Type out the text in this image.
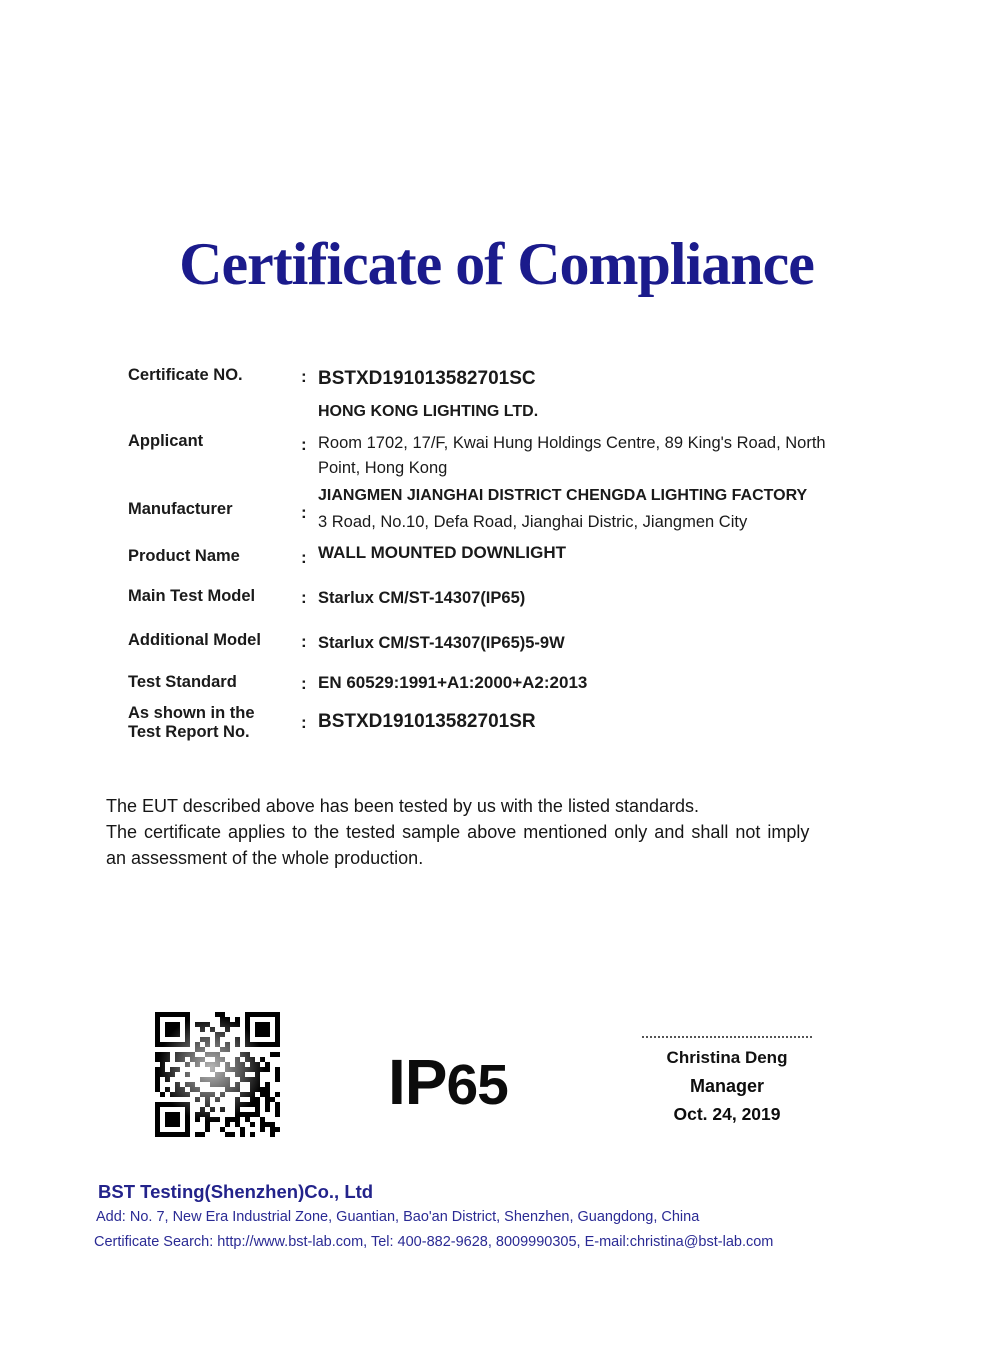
Certificate of Compliance
Certificate NO.	: BSTXD191013582701SC
Applicant	:
HONG KONG LIGHTING LTD.
Room 1702, 17/F, Kwai Hung Holdings Centre, 89 King's Road, North
Point, Hong Kong
Manufacturer	:
JIANGMEN JIANGHAI DISTRICT CHENGDA LIGHTING FACTORY
3 Road, No.10, Defa Road, Jianghai Distric, Jiangmen City
Product Name	: WALL MOUNTED DOWNLIGHT
Main Test Model	: Starlux CM/ST-14307(IP65)
Additional Model : Starlux CM/ST-14307(IP65)5-9W
Test Standard	: EN 60529:1991+A1:2000+A2:2013
As shown in the
Test Report No.	: BSTXD191013582701SR
The EUT described above has been tested by us with the listed standards.
The certificate applies to the tested sample above mentioned only and shall not imply
an assessment of the whole production.
IP 65	Christina Deng
Manager
Oct. 24, 2019
BST Testing(Shenzhen)Co., Ltd
Add: No. 7, New Era Industrial Zone, Guantian, Bao'an District, Shenzhen, Guangdong, China
Certificate Search: http://www.bst-lab.com, Tel: 400-882-9628, 8009990305, E-mail:christina@bst-lab.com
